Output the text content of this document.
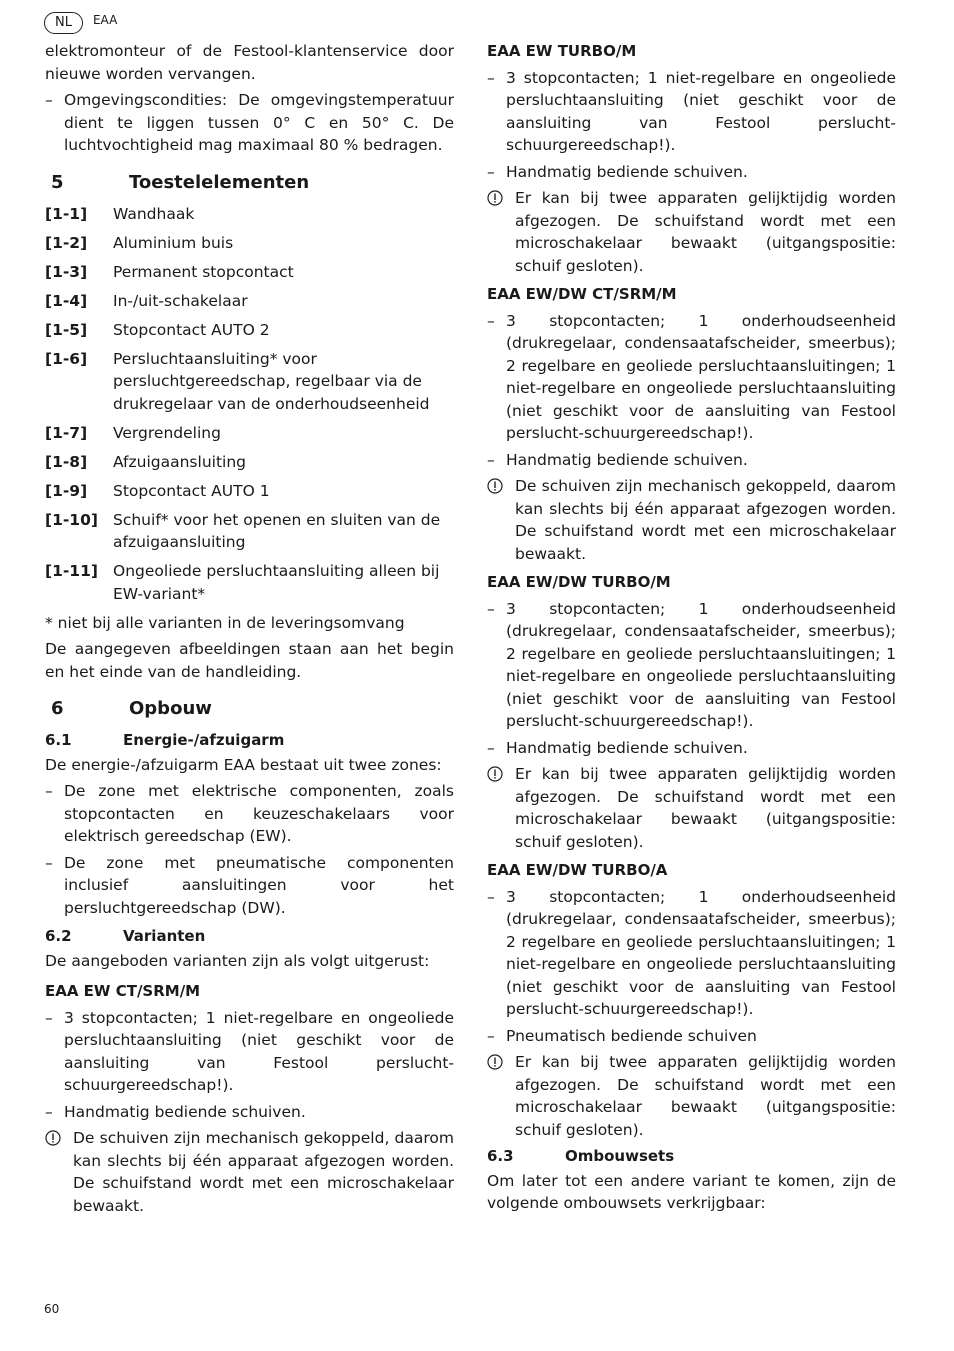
NL	EAA

elektromonteur of de Festool-klantenservice door nieuwe worden vervangen.

– Omgevingscondities: De omgevingstemperatuur dient te liggen tussen 0° C en 50° C. De luchtvochtigheid mag maximaal 80 % bedragen.
5	Toestelelementen
[1-1]	Wandhaak
[1-2]	Aluminium buis
[1-3]	Permanent stopcontact
[1-4]	In-/uit-schakelaar
[1-5]	Stopcontact AUTO 2
[1-6]	Persluchtaansluiting* voor persluchtgereedschap, regelbaar via de drukregelaar van de onderhoudseenheid
[1-7]	Vergrendeling
[1-8]	Afzuigaansluiting
[1-9]	Stopcontact AUTO 1
[1-10] Schuif* voor het openen en sluiten van de afzuigaansluiting
[1-11] Ongeoliede persluchtaansluiting alleen bij EW-variant*

* niet bij alle varianten in de leveringsomvang

De aangegeven afbeeldingen staan aan het begin en het einde van de handleiding.

6	Opbouw
6.1	Energie-/afzuigarm

De energie-/afzuigarm EAA bestaat uit twee zones:

– De zone met elektrische componenten, zoals stopcontacten en keuzeschakelaars voor elektrisch gereedschap (EW).
– De zone met pneumatische componenten inclusief aansluitingen voor het persluchtgereedschap (DW).
6.2	Varianten

De aangeboden varianten zijn als volgt uitgerust:

EAA EW CT/SRM/M
– 3 stopcontacten; 1 niet-regelbare en ongeoliede persluchtaansluiting (niet geschikt voor de aansluiting van Festool perslucht-schuurgereedschap!).
– Handmatig bediende schuiven.
De schuiven zijn mechanisch gekoppeld, daarom kan slechts bij één apparaat afgezogen worden. De schuifstand wordt met een microschakelaar bewaakt.
EAA EW TURBO/M
– 3 stopcontacten; 1 niet-regelbare en ongeoliede persluchtaansluiting (niet geschikt voor de aansluiting van Festool perslucht-schuurgereedschap!).
– Handmatig bediende schuiven.
Er kan bij twee apparaten gelijktijdig worden afgezogen. De schuifstand wordt met een microschakelaar bewaakt (uitgangspositie: schuif gesloten).
EAA EW/DW CT/SRM/M
– 3 stopcontacten; 1 onderhoudseenheid (drukregelaar, condensaatafscheider, smeerbus); 2 regelbare en geoliede persluchtaansluitingen; 1 niet-regelbare en ongeoliede persluchtaansluiting (niet geschikt voor de aansluiting van Festool perslucht-schuurgereedschap!).
– Handmatig bediende schuiven.
De schuiven zijn mechanisch gekoppeld, daarom kan slechts bij één apparaat afgezogen worden. De schuifstand wordt met een microschakelaar bewaakt.
EAA EW/DW TURBO/M
– 3 stopcontacten; 1 onderhoudseenheid (drukregelaar, condensaatafscheider, smeerbus); 2 regelbare en geoliede persluchtaansluitingen; 1 niet-regelbare en ongeoliede persluchtaansluiting (niet geschikt voor de aansluiting van Festool perslucht-schuurgereedschap!).
– Handmatig bediende schuiven.
Er kan bij twee apparaten gelijktijdig worden afgezogen. De schuifstand wordt met een microschakelaar bewaakt (uitgangspositie: schuif gesloten).
EAA EW/DW TURBO/A
– 3 stopcontacten; 1 onderhoudseenheid (drukregelaar, condensaatafscheider, smeerbus); 2 regelbare en geoliede persluchtaansluitingen; 1 niet-regelbare en ongeoliede persluchtaansluiting (niet geschikt voor de aansluiting van Festool perslucht-schuurgereedschap!).
– Pneumatisch bediende schuiven
Er kan bij twee apparaten gelijktijdig worden afgezogen. De schuifstand wordt met een microschakelaar bewaakt (uitgangspositie: schuif gesloten).
6.3	Ombouwsets

Om later tot een andere variant te komen, zijn de volgende ombouwsets verkrijgbaar:

60
